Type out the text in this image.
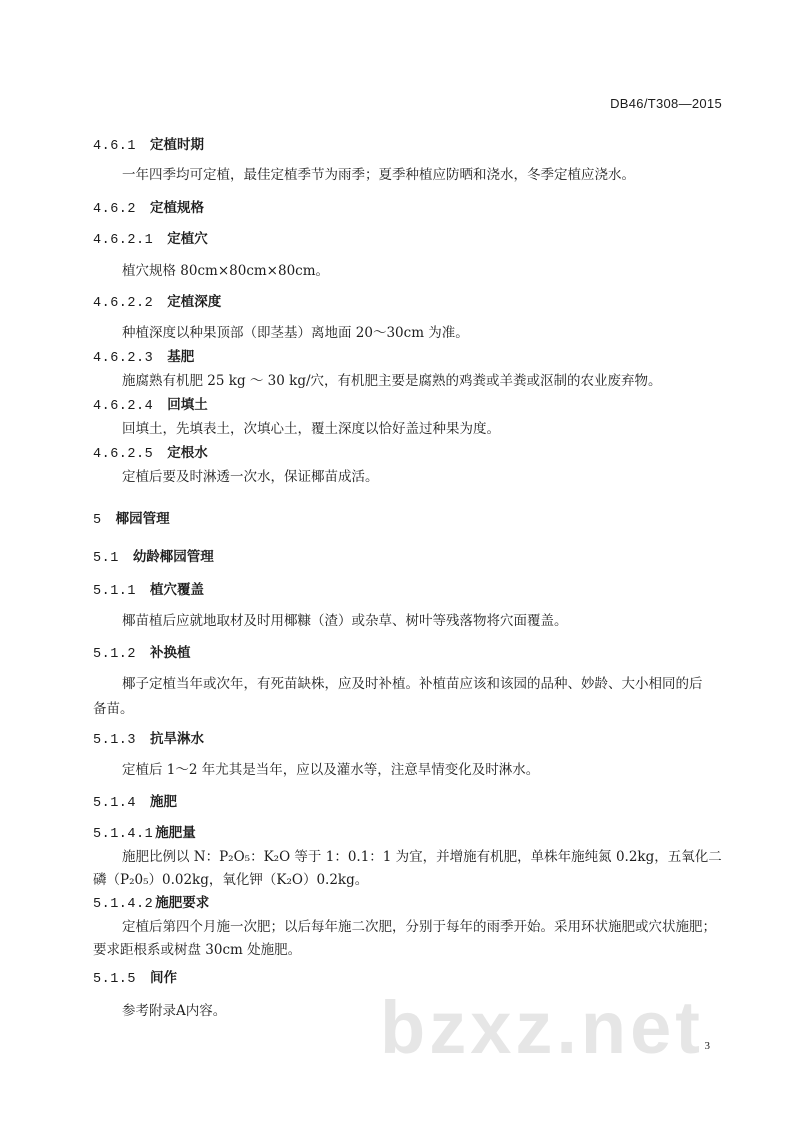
DB46/T308—2015
4.6.1 定植时期
一年四季均可定植，最佳定植季节为雨季；夏季种植应防晒和浇水，冬季定植应浇水。
4.6.2 定植规格
4.6.2.1 定植穴
植穴规格 80cm×80cm×80cm。
4.6.2.2 定植深度
种植深度以种果顶部（即茎基）离地面 20～30cm 为准。
4.6.2.3 基肥
施腐熟有机肥 25 kg ～ 30 kg/穴，有机肥主要是腐熟的鸡粪或羊粪或沤制的农业废弃物。
4.6.2.4 回填土
回填土，先填表土，次填心土，覆土深度以恰好盖过种果为度。
4.6.2.5 定根水
定植后要及时淋透一次水，保证椰苗成活。
5 椰园管理
5.1 幼龄椰园管理
5.1.1 植穴覆盖
椰苗植后应就地取材及时用椰糠（渣）或杂草、树叶等残落物将穴面覆盖。
5.1.2 补换植
椰子定植当年或次年，有死苗缺株，应及时补植。补植苗应该和该园的品种、妙龄、大小相同的后
备苗。
5.1.3 抗旱淋水
定植后 1～2 年尤其是当年，应以及灌水等，注意旱情变化及时淋水。
5.1.4 施肥
5.1.4.1 施肥量
施肥比例以 N：P₂O₅：K₂O 等于 1：0.1：1 为宜，并增施有机肥，单株年施纯氮 0.2kg，五氧化二
磷（P₂0₅）0.02kg，氧化钾（K₂O）0.2kg。
5.1.4.2 施肥要求
定植后第四个月施一次肥；以后每年施二次肥，分别于每年的雨季开始。采用环状施肥或穴状施肥；
要求距根系或树盘 30cm 处施肥。
5.1.5 间作
参考附录A内容。 bzxz.net 3
